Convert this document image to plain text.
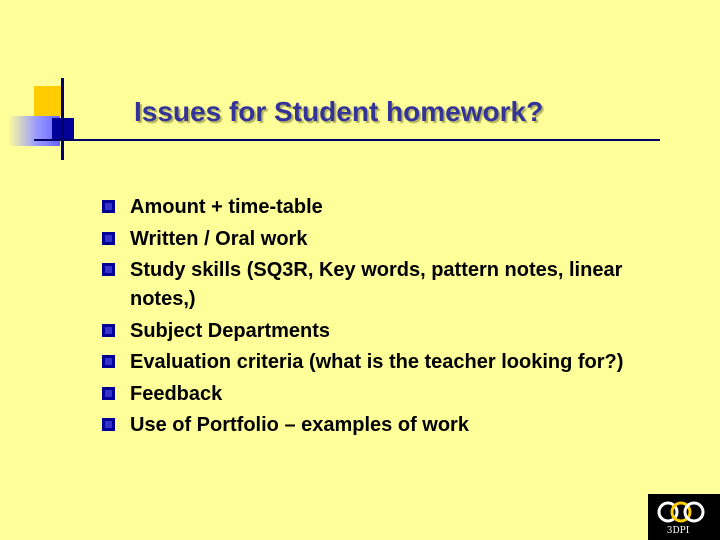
Issues for Student homework?
Amount + time-table
Written / Oral work
Study skills (SQ3R, Key words, pattern notes, linear notes,)
Subject Departments
Evaluation criteria (what is the teacher looking for?)
Feedback
Use of Portfolio – examples of work
3DPI
